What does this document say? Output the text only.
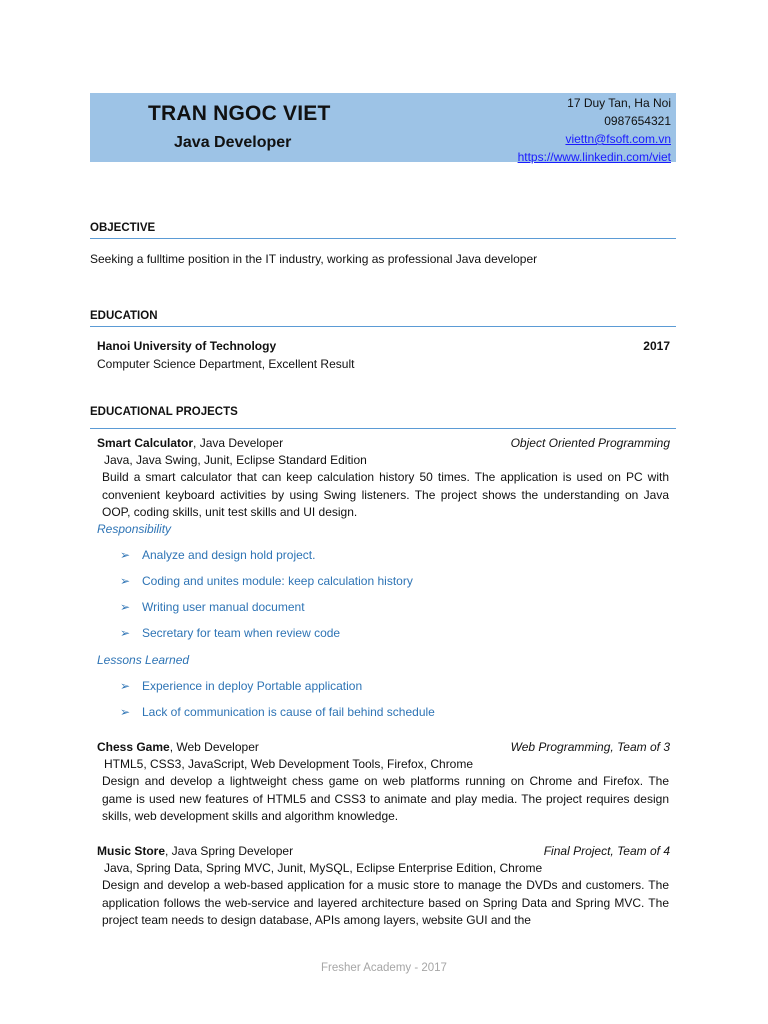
TRAN NGOC VIET
Java Developer
17 Duy Tan, Ha Noi
0987654321
viettn@fsoft.com.vn
https://www.linkedin.com/viet
OBJECTIVE
Seeking a fulltime position in the IT industry, working as professional Java developer
EDUCATION
Hanoi University of Technology	2017
Computer Science Department, Excellent Result
EDUCATIONAL PROJECTS
Smart Calculator, Java Developer	Object Oriented Programming
Java, Java Swing, Junit, Eclipse Standard Edition
Build a smart calculator that can keep calculation history 50 times. The application is used on PC with convenient keyboard activities by using Swing listeners. The project shows the understanding on Java OOP, coding skills, unit test skills and UI design.
Responsibility
➢ Analyze and design hold project.
➢ Coding and unites module: keep calculation history
➢ Writing user manual document
➢ Secretary for team when review code
Lessons Learned
➢ Experience in deploy Portable application
➢ Lack of communication is cause of fail behind schedule
Chess Game, Web Developer	Web Programming, Team of 3
HTML5, CSS3, JavaScript, Web Development Tools, Firefox, Chrome
Design and develop a lightweight chess game on web platforms running on Chrome and Firefox. The game is used new features of HTML5 and CSS3 to animate and play media. The project requires design skills, web development skills and algorithm knowledge.
Music Store, Java Spring Developer	Final Project, Team of 4
Java, Spring Data, Spring MVC, Junit, MySQL, Eclipse Enterprise Edition, Chrome
Design and develop a web-based application for a music store to manage the DVDs and customers. The application follows the web-service and layered architecture based on Spring Data and Spring MVC. The project team needs to design database, APIs among layers, website GUI and the
Fresher Academy - 2017
